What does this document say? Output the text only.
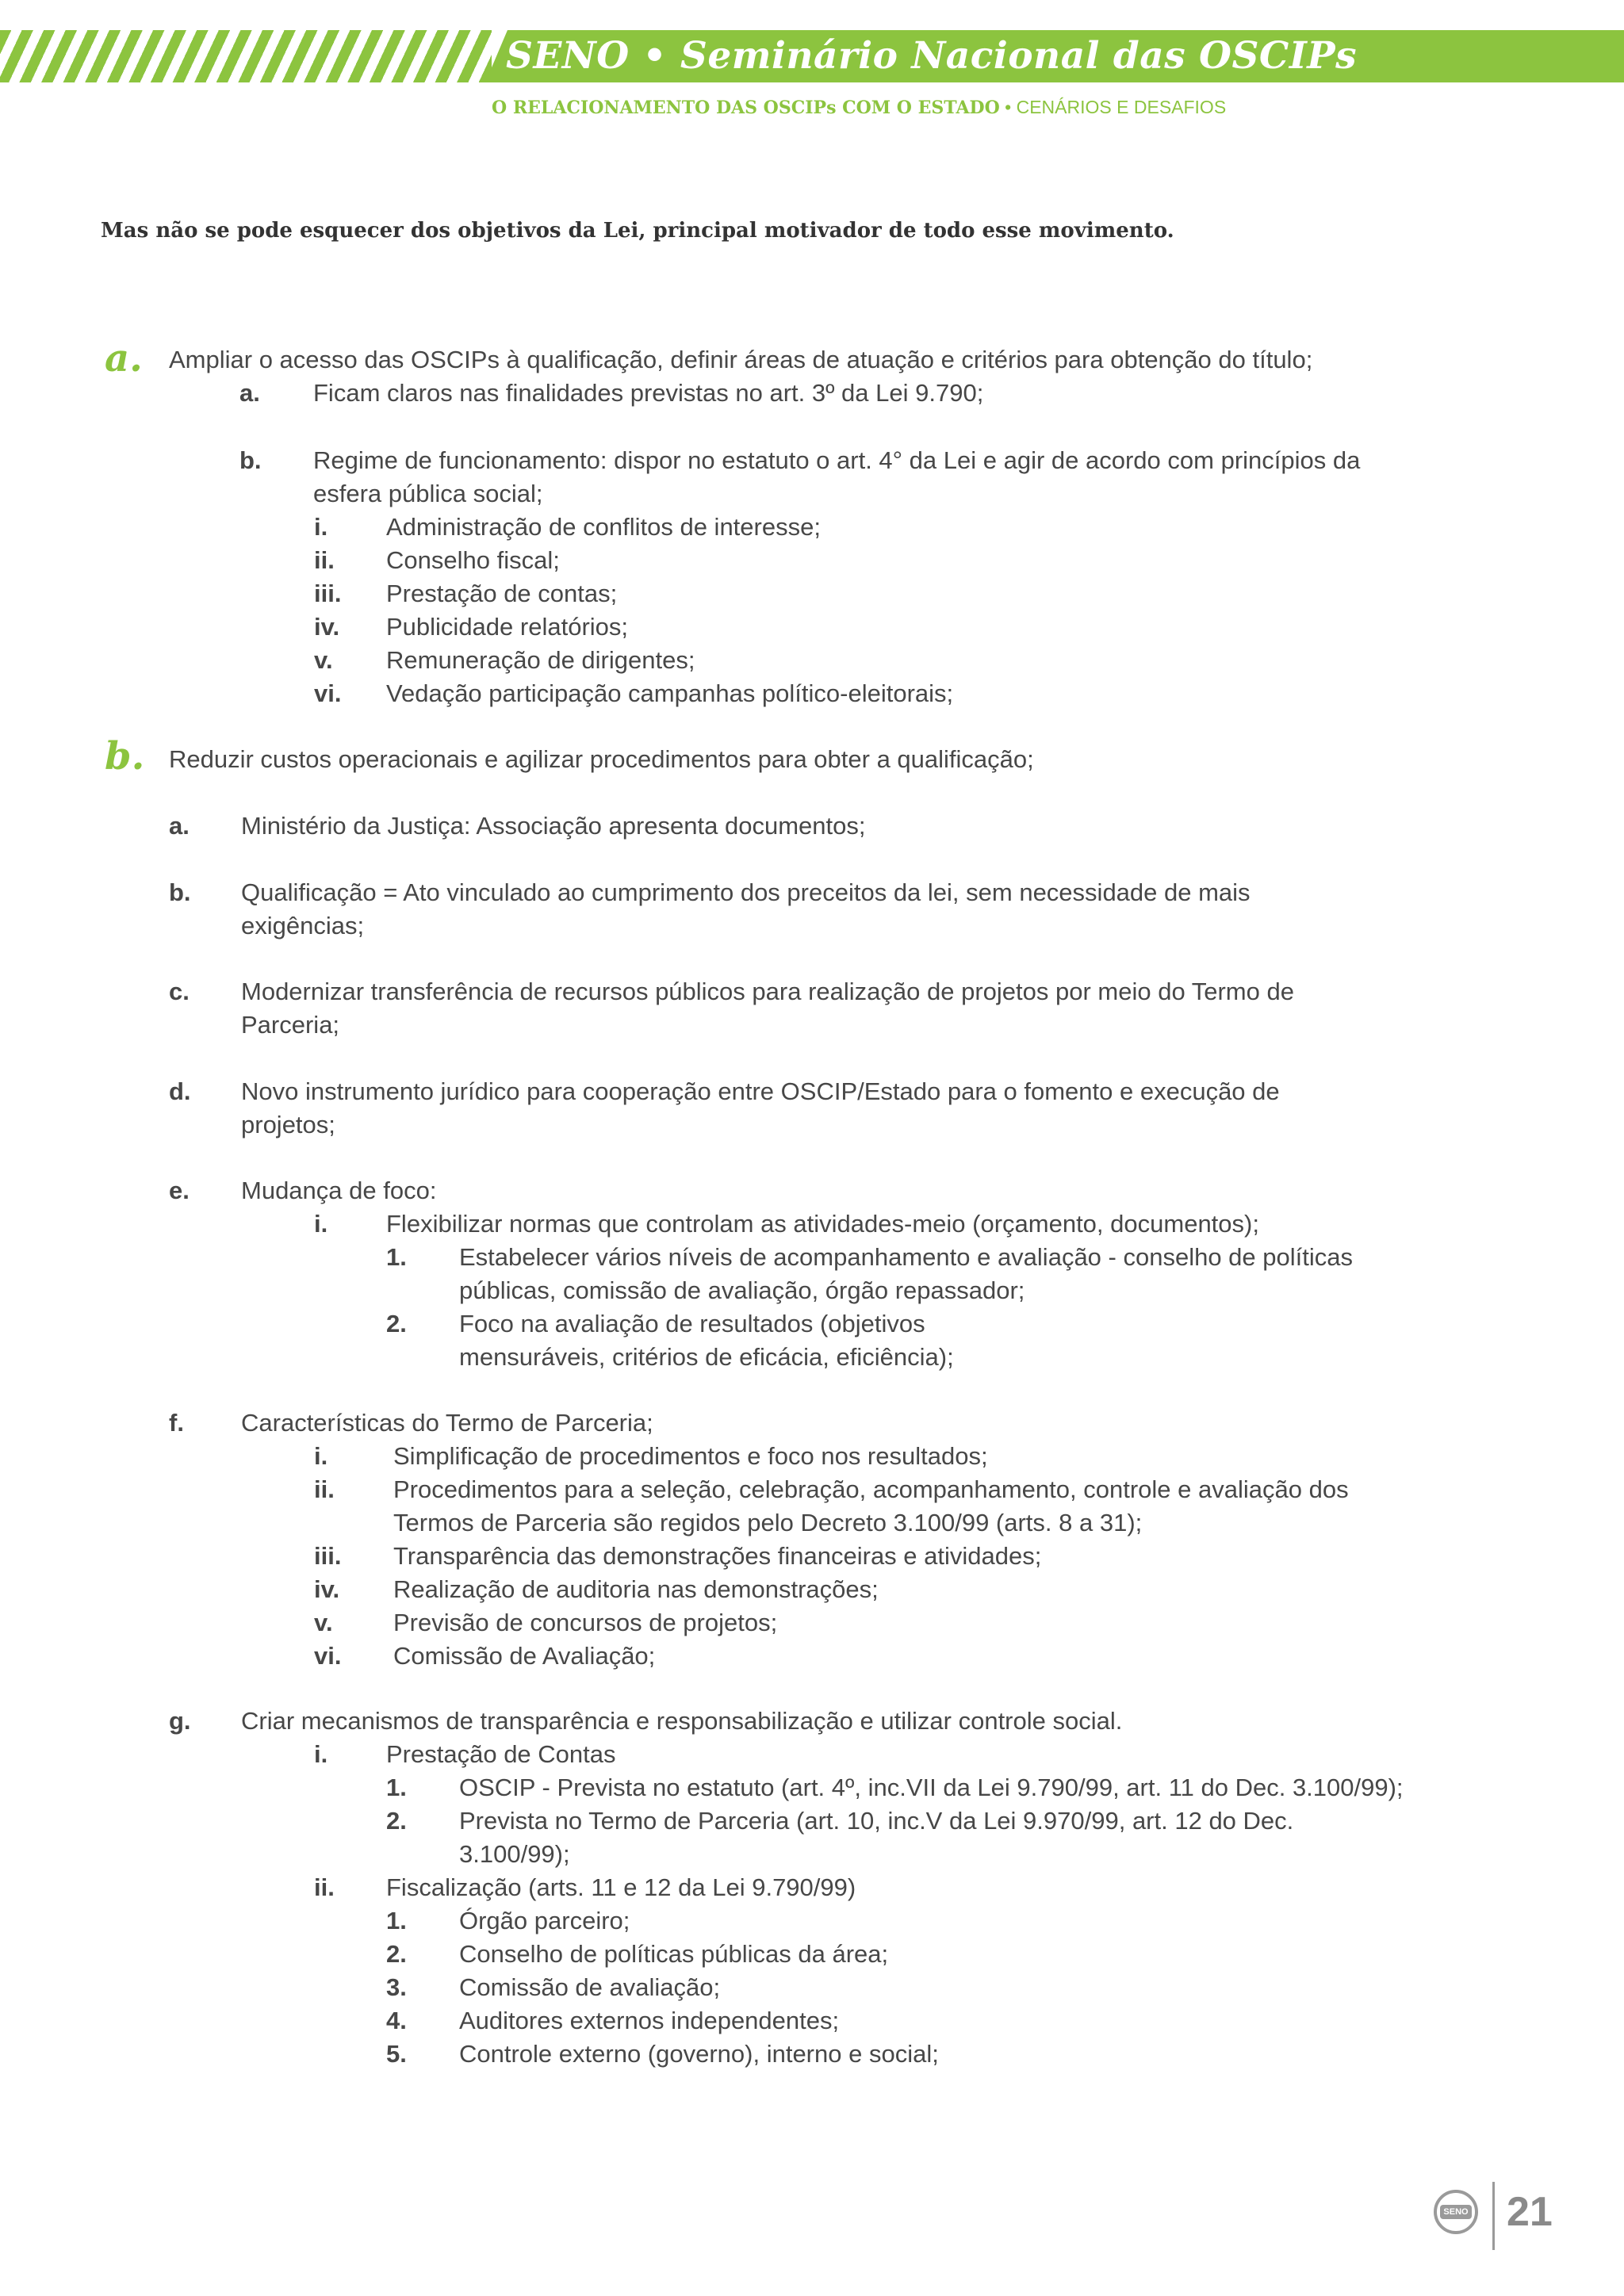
SENO • Seminário Nacional das OSCIPs
O RELACIONAMENTO DAS OSCIPs COM O ESTADO • CENÁRIOS E DESAFIOS
Mas não se pode esquecer dos objetivos da Lei, principal motivador de todo esse movimento.
a. Ampliar o acesso das OSCIPs à qualificação, definir áreas de atuação e critérios para obtenção do título;
a. Ficam claros nas finalidades previstas no art. 3º da Lei 9.790;
b. Regime de funcionamento: dispor no estatuto o art. 4° da Lei e agir de acordo com princípios da
esfera pública social;
i. Administração de conflitos de interesse;
ii. Conselho fiscal;
iii. Prestação de contas;
iv. Publicidade relatórios;
v. Remuneração de dirigentes;
vi. Vedação participação campanhas político-eleitorais;
b. Reduzir custos operacionais e agilizar procedimentos para obter a qualificação;
a. Ministério da Justiça: Associação apresenta documentos;
b. Qualificação = Ato vinculado ao cumprimento dos preceitos da lei, sem necessidade de mais
exigências;
c. Modernizar transferência de recursos públicos para realização de projetos por meio do Termo de
Parceria;
d. Novo instrumento jurídico para cooperação entre OSCIP/Estado para o fomento e execução de
projetos;
e. Mudança de foco:
i. Flexibilizar normas que controlam as atividades-meio (orçamento, documentos);
1. Estabelecer vários níveis de acompanhamento e avaliação - conselho de políticas
públicas, comissão de avaliação, órgão repassador;
2. Foco na avaliação de resultados (objetivos
mensuráveis, critérios de eficácia, eficiência);
f. Características do Termo de Parceria;
i.	Simplificação de procedimentos e foco nos resultados;
ii. Procedimentos para a seleção, celebração, acompanhamento, controle e avaliação dos
Termos de Parceria são regidos pelo Decreto 3.100/99 (arts. 8 a 31);
iii. Transparência das demonstrações financeiras e atividades;
iv. Realização de auditoria nas demonstrações;
v. Previsão de concursos de projetos;
vi. Comissão de Avaliação;
g. Criar mecanismos de transparência e responsabilização e utilizar controle social.
i. Prestação de Contas
1. OSCIP - Prevista no estatuto (art. 4º, inc.VII da Lei 9.790/99, art. 11 do Dec. 3.100/99);
2. Prevista no Termo de Parceria (art. 10, inc.V da Lei 9.970/99, art. 12 do Dec.
3.100/99);
ii. Fiscalização (arts. 11 e 12 da Lei 9.790/99)
1. Órgão parceiro;
2. Conselho de políticas públicas da área;
3. Comissão de avaliação;
4. Auditores externos independentes;
5. Controle externo (governo), interno e social;
SENO 21
